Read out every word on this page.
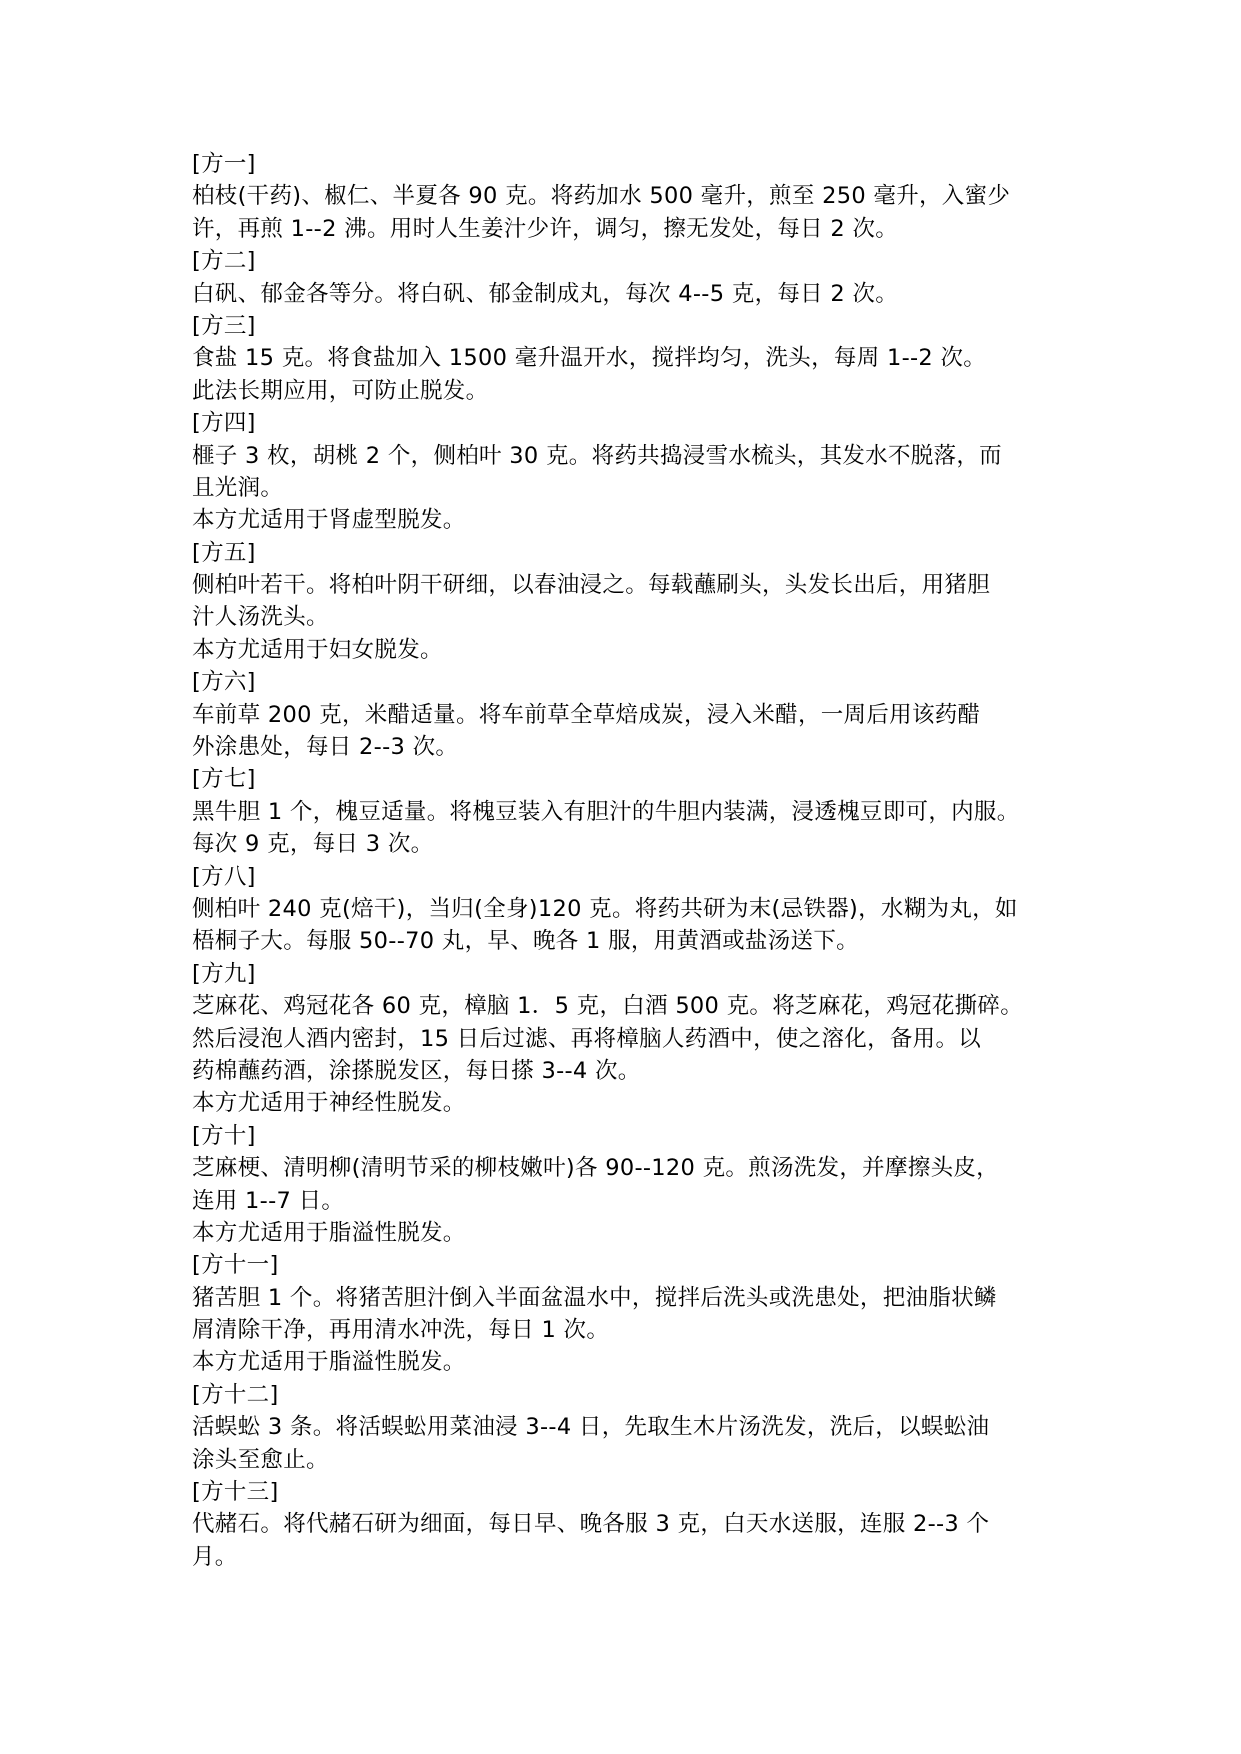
[方一]
柏枝(干药)、椒仁、半夏各 90 克。将药加水 500 毫升，煎至 250 毫升，入蜜少
许，再煎 1--2 沸。用时人生姜汁少许，调匀，擦无发处，每日 2 次。
[方二]
白矾、郁金各等分。将白矾、郁金制成丸，每次 4--5 克，每日 2 次。
[方三]
食盐 15 克。将食盐加入 1500 毫升温开水，搅拌均匀，洗头，每周 1--2 次。
此法长期应用，可防止脱发。
[方四]
榧子 3 枚，胡桃 2 个，侧柏叶 30 克。将药共捣浸雪水梳头，其发水不脱落，而
且光润。
本方尤适用于肾虚型脱发。
[方五]
侧柏叶若干。将柏叶阴干研细，以春油浸之。每载蘸刷头，头发长出后，用猪胆
汁人汤洗头。
本方尤适用于妇女脱发。
[方六]
车前草 200 克，米醋适量。将车前草全草焙成炭，浸入米醋，一周后用该药醋
外涂患处，每日 2--3 次。
[方七]
黑牛胆 1 个，槐豆适量。将槐豆装入有胆汁的牛胆内装满，浸透槐豆即可，内服。
每次 9 克，每日 3 次。
[方八]
侧柏叶 240 克(焙干)，当归(全身)120 克。将药共研为末(忌铁器)，水糊为丸，如
梧桐子大。每服 50--70 丸，早、晚各 1 服，用黄酒或盐汤送下。
[方九]
芝麻花、鸡冠花各 60 克，樟脑 1．5 克，白酒 500 克。将芝麻花，鸡冠花撕碎。
然后浸泡人酒内密封，15 日后过滤、再将樟脑人药酒中，使之溶化，备用。以
药棉蘸药酒，涂搽脱发区，每日搽 3--4 次。
本方尤适用于神经性脱发。
[方十]
芝麻梗、清明柳(清明节采的柳枝嫩叶)各 90--120 克。煎汤洗发，并摩擦头皮，
连用 1--7 日。
本方尤适用于脂溢性脱发。
[方十一]
猪苦胆 1 个。将猪苦胆汁倒入半面盆温水中，搅拌后洗头或洗患处，把油脂状鳞
屑清除干净，再用清水冲洗，每日 1 次。
本方尤适用于脂溢性脱发。
[方十二]
活蜈蚣 3 条。将活蜈蚣用菜油浸 3--4 日，先取生木片汤洗发，洗后，以蜈蚣油
涂头至愈止。
[方十三]
代赭石。将代赭石研为细面，每日早、晚各服 3 克，白天水送服，连服 2--3 个
月。
